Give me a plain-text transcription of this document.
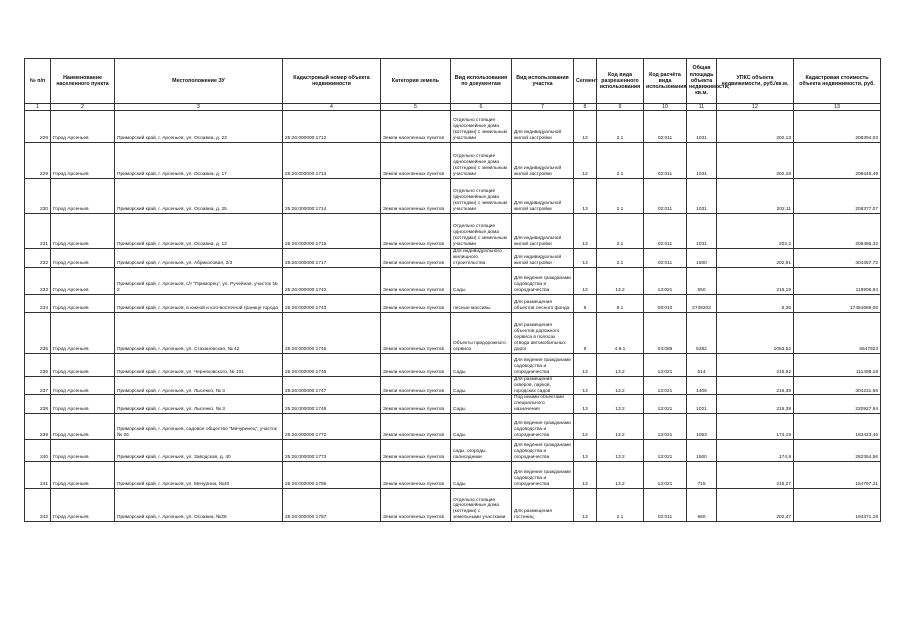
№ п/п	Наименование населенного пункта	Местоположение ЗУ	Кадастровый номер объекта недвижимости	Категория земель	Вид использования по документам	Вид использования участка	Сегмент	Код вида разрешенного использования	Код расчёта вида использования	Общая площадь объекта недвижимости, кв.м.	УПКС объекта недвижимости, руб./кв.м.	Кадастровая стоимость объекта недвижимости, руб.
1	2	3	4	5	6	7	8	9	10	11	12	13
228	Город Арсеньев	Приморский край, г. Арсеньев, ул. Осоавиа, д. 23	25:26:000000:1712	Земли населенных пунктов	Отдельно стоящие односемейные дома (коттеджи) с земельным участками	Для индивидуальной жилой застройки	13	2.1	02:011	1031	202,13	208394,03
229	Город Арсеньев	Приморский край, г. Арсеньев, ул. Осоавиа, д. 17	25:26:000000:1713	Земли населенных пунктов	Отдельно стоящие односемейные дома (коттеджи) с земельным участками	Для индивидуальной жилой застройки	13	2.1	02:011	1031	202,18	208445,49
230	Город Арсеньев	Приморский край, г. Арсеньев, ул. Осоавиа, д. 25	25:26:000000:1714	Земли населенных пунктов	Отдельно стоящие односемейные дома (коттеджи) с земельным участками	Для индивидуальной жилой застройки	13	2.1	02:011	1031	202,11	208377,07
231	Город Арсеньев	Приморский край, г. Арсеньев, ул. Осоавиа, д. 13	25:26:000000:1715	Земли населенных пунктов	Отдельно стоящие односемейные дома (коттеджи) с земельным участками	Для индивидуальной жилой застройки	13	2.1	02:011	1031	202,2	208466,32
232	Город Арсеньев	Приморский край, г. Арсеньев, ул. Абрикосовая, 2/3	25:26:000000:1717	Земли населенных пунктов	Для индивидуального жилищного строительства	Для индивидуальной жилой застройки	13	2.1	02:011	1500	202,91	304367,72
233	Город Арсеньев	Приморский край, г. Арсеньев, с/т "Приморец", ул. Ручейная, участок № 2	25:26:000000:1742	Земли населенных пунктов	Сады	Для ведения гражданами садоводства и огородничества	13	13.2	13:021	550	216,19	118906,94
234	Город Арсеньев	Приморский край, г. Арсеньев, в южной и юго-восточной границе города	25:26:000000:1743	Земли населенных пунктов	лесные массивы	Для размещения объектов лесного фонда	9	9.1	09:010	2749203	6,35	17454689,05
235	Город Арсеньев	Приморский край, г. Арсеньев, ул. Стахановская, № 42	25:26:000000:1745	Земли населенных пунктов	Объекты придорожного сервиса	Для размещения объектов дорожного сервиса в полосах отвода автомобильных дорог	6	4.9.1	04:089	5282	1053,52	5547923
236	Город Арсеньев	Приморский край, г. Арсеньев, ул. Черняховского, № 101	25:26:000000:1746	Земли населенных пунктов	Сады	Для ведения гражданами садоводства и огородничества	13	13.2	13:021	514	216,92	111498,19
237	Город Арсеньев	Приморский край, г. Арсеньев, ул. Лысенко, № 3	25:26:000000:1747	Земли населенных пунктов	Сады	Для размещения скверов, парков, городских садов	13	13.2	13:021	1406	216,38	304231,56
238	Город Арсеньев	Приморский край, г. Арсеньев, ул. Лысенко, № 3	25:26:000000:1748	Земли населенных пунктов	Сады	Под иными объектами специального назначения	13	13.2	13:021	1021	216,38	220927,94
239	Город Арсеньев	Приморский край, г. Арсеньев, садовое общество "Мичуринец", участок № 26	25:26:000000:1772	Земли населенных пунктов	Сады	Для ведения гражданами садоводства и огородничества	13	13.2	13:021	1053	174,19	183423,46
240	Город Арсеньев	Приморский край, г. Арсеньев, ул. Заводская, д. 40	25:26:000000:1773	Земли населенных пунктов	сады, огороды, палисадники	Для ведения гражданами садоводства и огородничества	13	13.2	13:021	1500	174,9	262354,56
241	Город Арсеньев	Приморский край, г. Арсеньев, ул. Мичурина, №40	25:26:000000:1786	Земли населенных пунктов	Сады	Для ведения гражданами садоводства и огородничества	13	13.2	13:021	715	216,27	154797,21
242	Город Арсеньев	Приморский край, г. Арсеньев, ул. Осоавиа, №39	25:26:000000:1787	Земли населенных пунктов	Отдельно стоящие односемейные дома (коттеджи) с земельными участками	Для размещения гостиниц	13	2.1	02:011	960	202,47	194371,19
